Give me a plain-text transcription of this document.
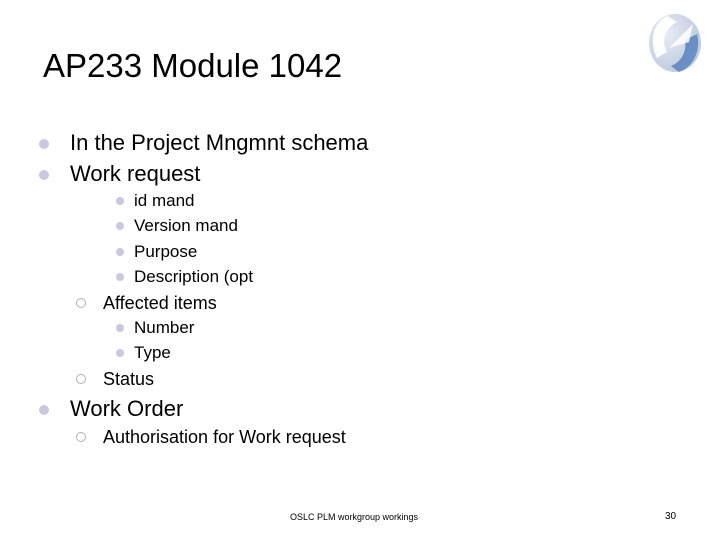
AP233 Module 1042
In the Project Mngmnt schema
Work request
id mand
Version mand
Purpose
Description (opt
Affected items
Number
Type
Status
Work Order
Authorisation for Work request
OSLC PLM workgroup workings	30
